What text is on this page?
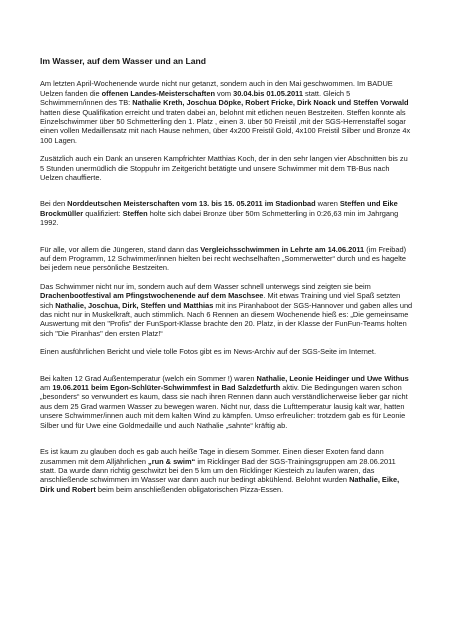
Im Wasser, auf dem Wasser und an Land

Am letzten April-Wochenende wurde nicht nur getanzt, sondern auch in den Mai geschwommen. Im BADUE Uelzen fanden die offenen Landes-Meisterschaften vom 30.04.bis 01.05.2011 statt. Gleich 5 Schwimmern/innen des TB: Nathalie Kreth, Joschua Döpke, Robert Fricke, Dirk Noack und Steffen Vorwald hatten diese Qualifikation erreicht und traten dabei an, belohnt mit etlichen neuen Bestzeiten. Steffen konnte als Einzelschwimmer über 50 Schmetterling den 1. Platz , einen 3. über 50 Freistil ,mit der SGS-Herrenstaffel sogar einen vollen Medaillensatz mit nach Hause nehmen, über 4x200 Freistil Gold, 4x100 Freistil Silber und Bronze 4x 100 Lagen.

Zusätzlich auch ein Dank an unseren Kampfrichter Matthias Koch, der in den sehr langen vier Abschnitten bis zu 5 Stunden unermüdlich die Stoppuhr im Zeitgericht betätigte und unsere Schwimmer mit dem TB-Bus nach Uelzen chauffierte.

Bei den Norddeutschen Meisterschaften vom 13. bis 15. 05.2011 im Stadionbad waren Steffen und Eike Brockmüller qualifiziert: Steffen holte sich dabei Bronze über 50m Schmetterling in 0:26,63 min im Jahrgang 1992.

Für alle, vor allem die Jüngeren, stand dann das Vergleichsschwimmen in Lehrte am 14.06.2011 (im Freibad) auf dem Programm, 12 Schwimmer/innen hielten bei recht wechselhaften „Sommerwetter“ durch und es hagelte bei jedem neue persönliche Bestzeiten.

Das Schwimmer nicht nur im, sondern auch auf dem Wasser schnell unterwegs sind zeigten sie beim Drachenbootfestival am Pfingstwochenende auf dem Maschsee. Mit etwas Training und viel Spaß setzten sich Nathalie, Joschua, Dirk, Steffen und Matthias mit ins Piranhaboot der SGS-Hannover und gaben alles und das nicht nur in Muskelkraft, auch stimmlich. Nach 6 Rennen an diesem Wochenende hieß es: „Die gemeinsame Auswertung mit den "Profis" der FunSport-Klasse brachte den 20. Platz, in der Klasse der FunFun-Teams holten sich "Die Piranhas" den ersten Platz!“

Einen ausführlichen Bericht und viele tolle Fotos gibt es im News-Archiv auf der SGS-Seite im Internet.

Bei kalten 12 Grad Außentemperatur (welch ein Sommer !) waren Nathalie, Leonie Heidinger und Uwe Withus am 19.06.2011 beim Egon-Schlüter-Schwimmfest in Bad Salzdetfurth aktiv. Die Bedingungen waren schon „besonders“ so verwundert es kaum, dass sie nach ihren Rennen dann auch verständlicherweise lieber gar nicht aus dem 25 Grad warmen Wasser zu bewegen waren. Nicht nur, dass die Lufttemperatur lausig kalt war, hatten unsere Schwimmer/innen auch mit dem kalten Wind zu kämpfen. Umso erfreulicher: trotzdem gab es für Leonie Silber und für Uwe eine Goldmedaille und auch Nathalie „sahnte“ kräftig ab.

Es ist kaum zu glauben doch es gab auch heiße Tage in diesem Sommer. Einen dieser Exoten fand dann zusammen mit dem Alljährlichen „run & swim“ im Ricklinger Bad der SGS-Trainingsgruppen am 28.06.2011 statt. Da wurde dann richtig geschwitzt bei den 5 km um den Ricklinger Kiesteich zu laufen waren, das anschließende schwimmen im Wasser war dann auch nur bedingt abkühlend. Belohnt wurden Nathalie, Eike, Dirk und Robert beim beim anschließenden obligatorischen Pizza-Essen.
